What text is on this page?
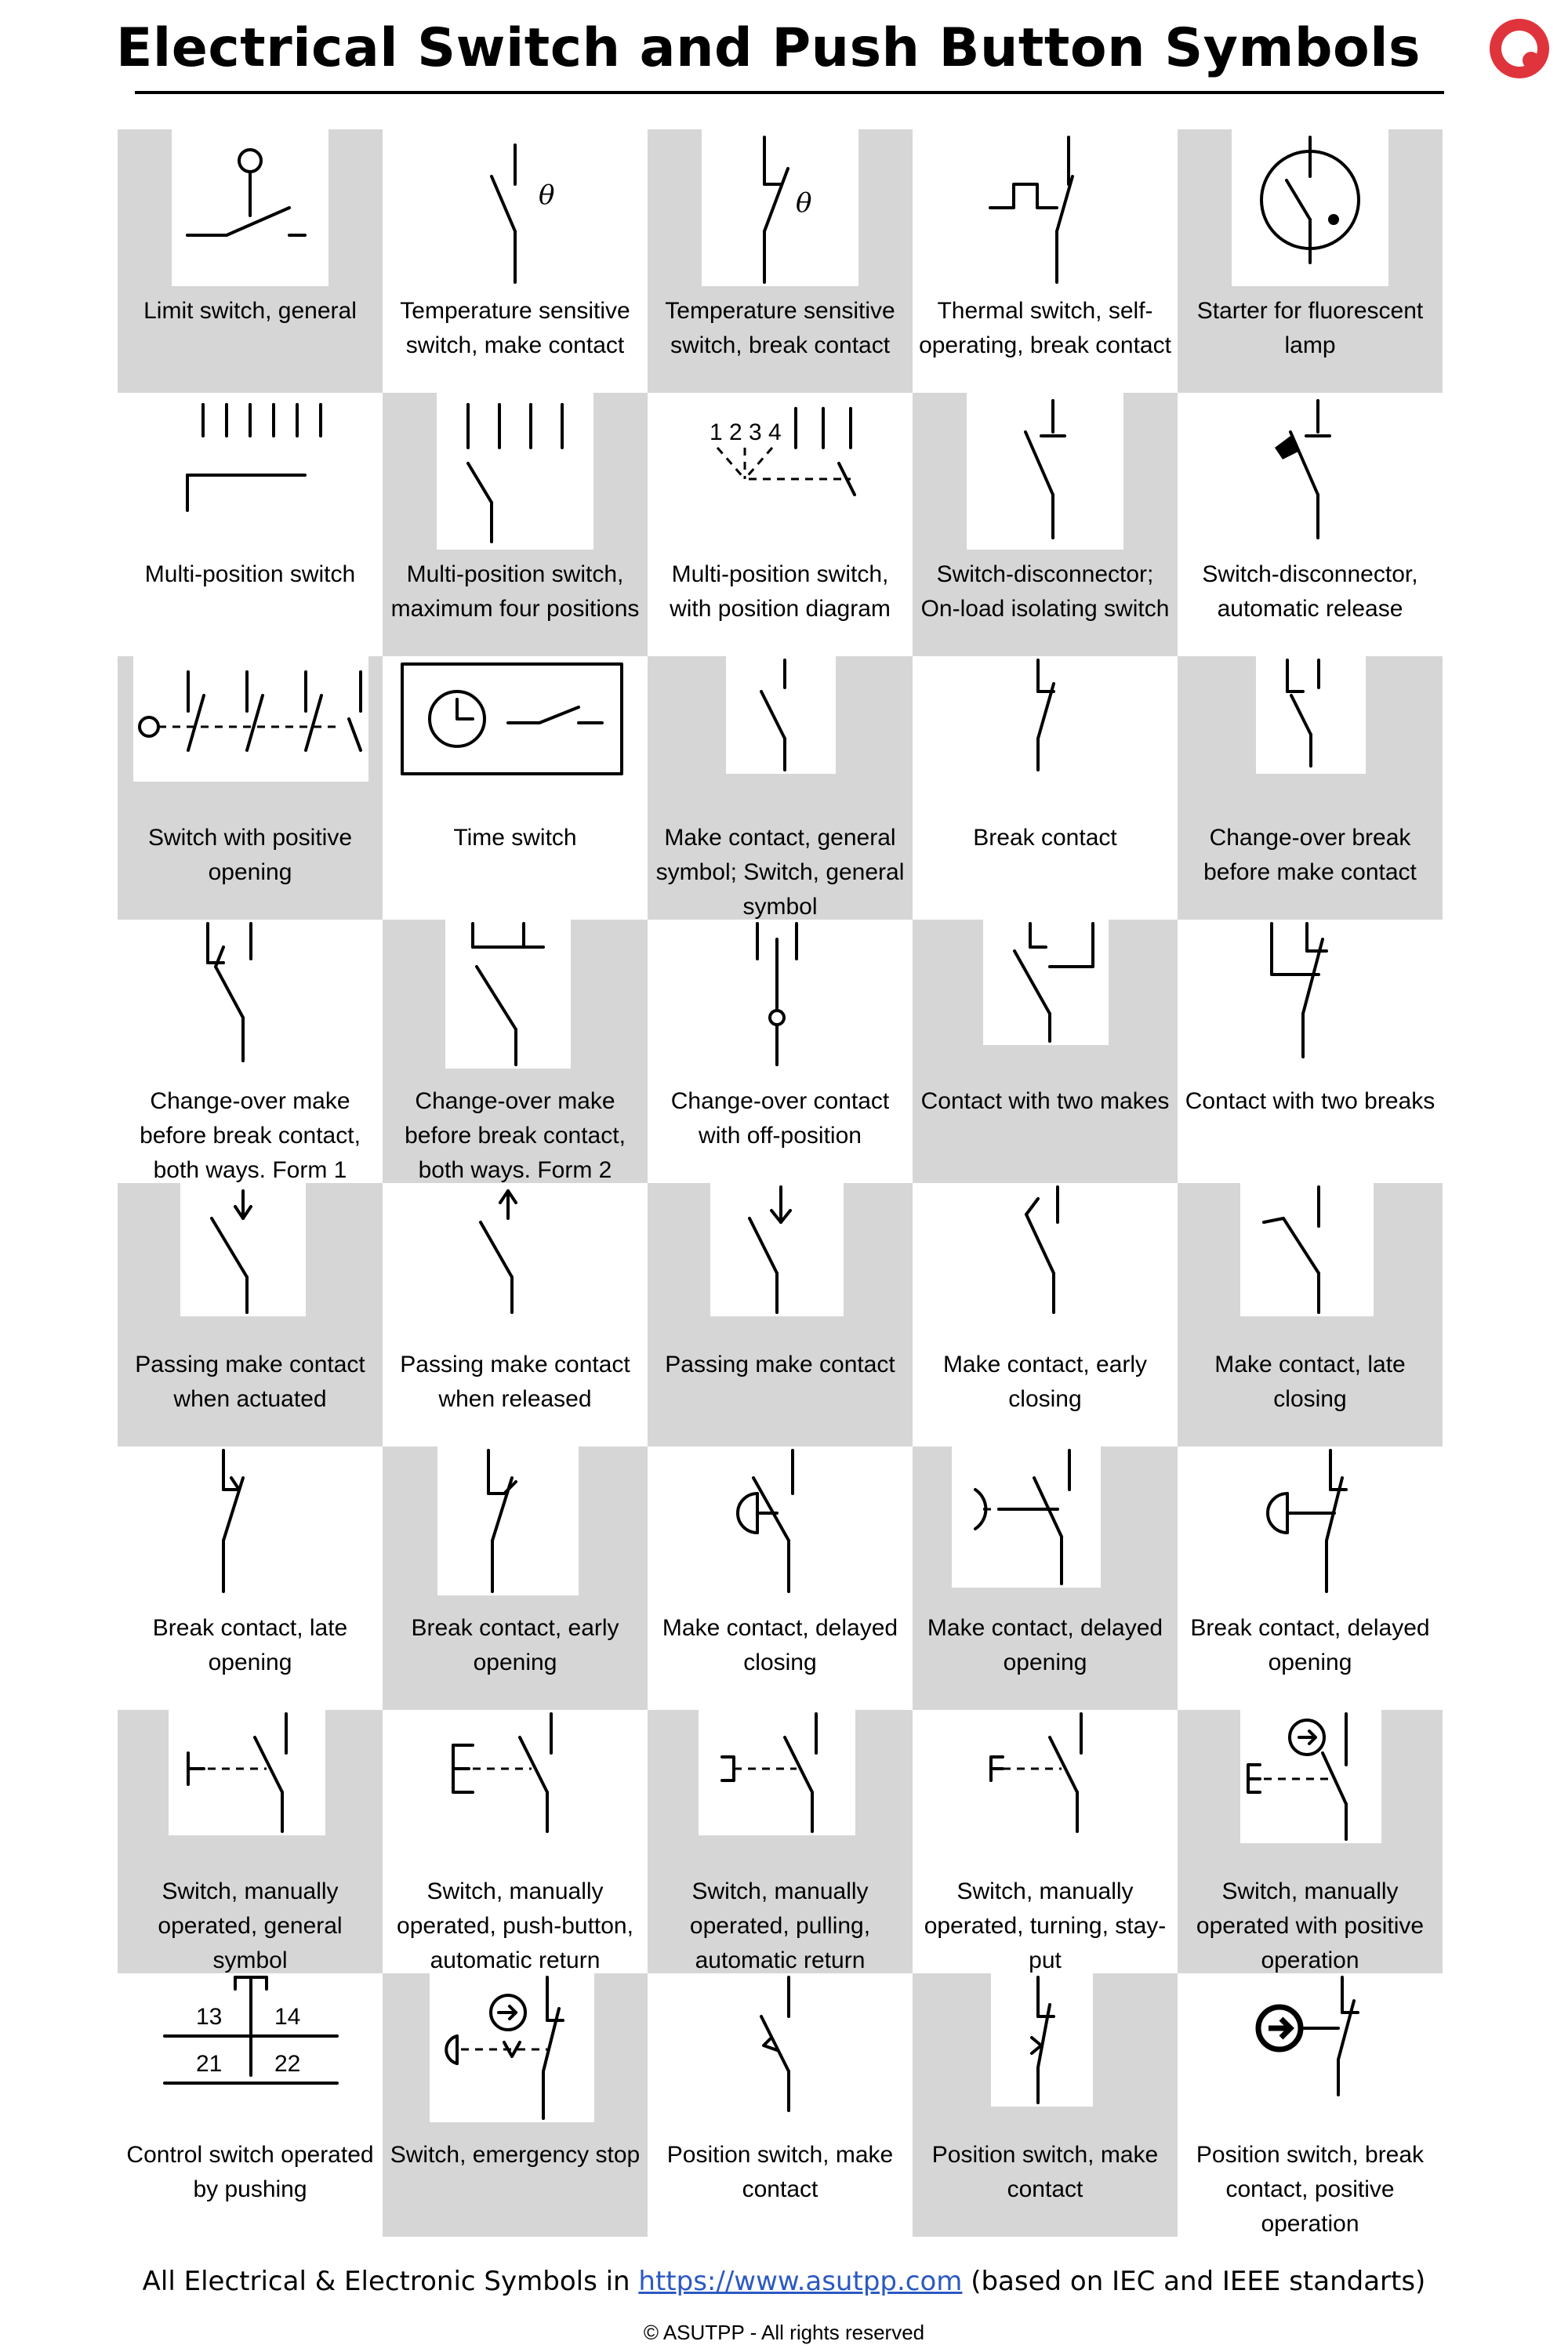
Electrical Switch and Push Button Symbols
Limit switch, general
θ
Temperature sensitive switch, make contact
θ
Temperature sensitive switch, break contact
Thermal switch, self-operating, break contact
Starter for fluorescent lamp
Multi-position switch	Multi-position switch, maximum four positions
1 2 3 4
Multi-position switch, with position diagram
Switch-disconnector; On-load isolating switch
Switch-disconnector, automatic release
Switch with positive opening
Time switch	Make contact, general symbol; Switch, general symbol
Break contact	Change-over break before make contact
Change-over make before break contact, both ways. Form 1
Change-over make before break contact, both ways. Form 2
Change-over contact with off-position
Contact with two makes Contact with two breaks
Passing make contact when actuated
Passing make contact when released
Passing make contact	Make contact, early closing
Make contact, late closing
Break contact, late opening
Break contact, early opening
Make contact, delayed closing
Make contact, delayed opening
Break contact, delayed opening
Switch, manually operated, general symbol
Switch, manually operated, push-button, automatic return
Switch, manually operated, pulling, automatic return
Switch, manually operated, turning, stay-put
Switch, manually operated with positive operation
13 14
21 22
Control switch operated by pushing
Switch, emergency stop	Position switch, make contact
Position switch, make contact
Position switch, break contact, positive operation
All Electrical & Electronic Symbols in https://www.asutpp.com (based on IEC and IEEE standarts)
© ASUTPP - All rights reserved
